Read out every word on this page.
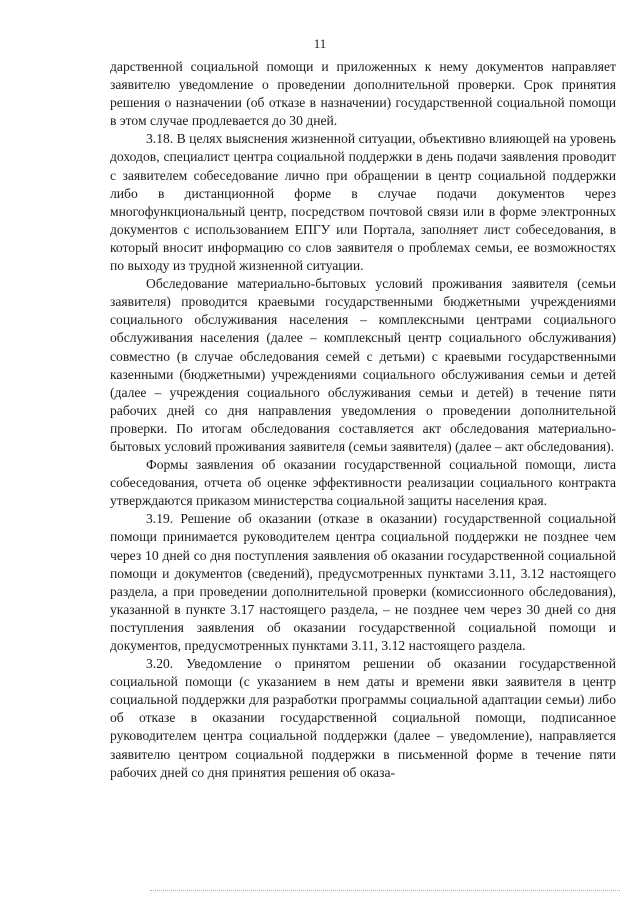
11

дарственной социальной помощи и приложенных к нему документов направляет заявителю уведомление о проведении дополнительной проверки. Срок принятия решения о назначении (об отказе в назначении) государственной социальной помощи в этом случае продлевается до 30 дней.

3.18. В целях выяснения жизненной ситуации, объективно влияющей на уровень доходов, специалист центра социальной поддержки в день подачи заявления проводит с заявителем собеседование лично при обращении в центр социальной поддержки либо в дистанционной форме в случае подачи документов через многофункциональный центр, посредством почтовой связи или в форме электронных документов с использованием ЕПГУ или Портала, заполняет лист собеседования, в который вносит информацию со слов заявителя о проблемах семьи, ее возможностях по выходу из трудной жизненной ситуации.

Обследование материально-бытовых условий проживания заявителя (семьи заявителя) проводится краевыми государственными бюджетными учреждениями социального обслуживания населения – комплексными центрами социального обслуживания населения (далее – комплексный центр социального обслуживания) совместно (в случае обследования семей с детьми) с краевыми государственными казенными (бюджетными) учреждениями социального обслуживания семьи и детей (далее – учреждения социального обслуживания семьи и детей) в течение пяти рабочих дней со дня направления уведомления о проведении дополнительной проверки. По итогам обследования составляется акт обследования материально-бытовых условий проживания заявителя (семьи заявителя) (далее – акт обследования).

Формы заявления об оказании государственной социальной помощи, листа собеседования, отчета об оценке эффективности реализации социального контракта утверждаются приказом министерства социальной защиты населения края.

3.19. Решение об оказании (отказе в оказании) государственной социальной помощи принимается руководителем центра социальной поддержки не позднее чем через 10 дней со дня поступления заявления об оказании государственной социальной помощи и документов (сведений), предусмотренных пунктами 3.11, 3.12 настоящего раздела, а при проведении дополнительной проверки (комиссионного обследования), указанной в пункте 3.17 настоящего раздела, – не позднее чем через 30 дней со дня поступления заявления об оказании государственной социальной помощи и документов, предусмотренных пунктами 3.11, 3.12 настоящего раздела.

3.20. Уведомление о принятом решении об оказании государственной социальной помощи (с указанием в нем даты и времени явки заявителя в центр социальной поддержки для разработки программы социальной адаптации семьи) либо об отказе в оказании государственной социальной помощи, подписанное руководителем центра социальной поддержки (далее – уведомление), направляется заявителю центром социальной поддержки в письменной форме в течение пяти рабочих дней со дня принятия решения об оказа-
